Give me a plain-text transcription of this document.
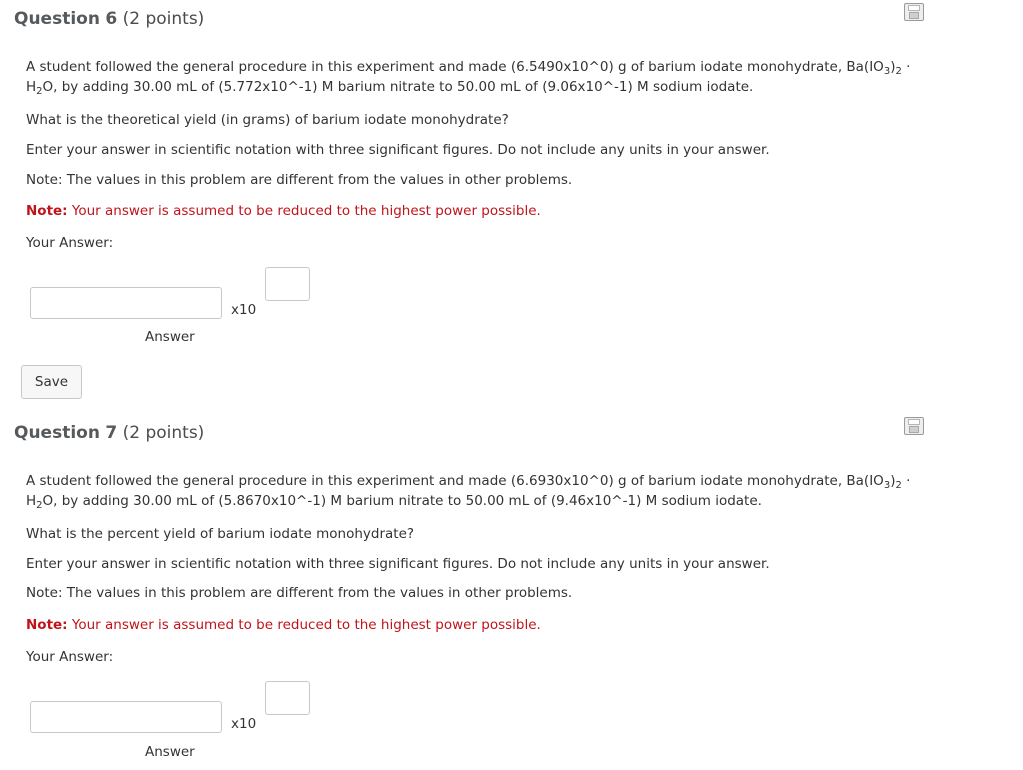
Question 6 (2 points)
A student followed the general procedure in this experiment and made (6.5490x10^0) g of barium iodate monohydrate, $Ba(IO_3)_2$ ·
$H_2O$, by adding 30.00 mL of (5.772x10^-1) M barium nitrate to 50.00 mL of (9.06x10^-1) M sodium iodate.
What is the theoretical yield (in grams) of barium iodate monohydrate?
Enter your answer in scientific notation with three significant figures. Do not include any units in your answer.
Note: The values in this problem are different from the values in other problems.
Note: Your answer is assumed to be reduced to the highest power possible.
Your Answer:
x10
Answer
Save
Question 7 (2 points)
A student followed the general procedure in this experiment and made (6.6930x10^0) g of barium iodate monohydrate, $Ba(IO_3)_2$ ·
$H_2O$, by adding 30.00 mL of (5.8670x10^-1) M barium nitrate to 50.00 mL of (9.46x10^-1) M sodium iodate.
What is the percent yield of barium iodate monohydrate?
Enter your answer in scientific notation with three significant figures. Do not include any units in your answer.
Note: The values in this problem are different from the values in other problems.
Note: Your answer is assumed to be reduced to the highest power possible.
Your Answer:
x10
Answer
